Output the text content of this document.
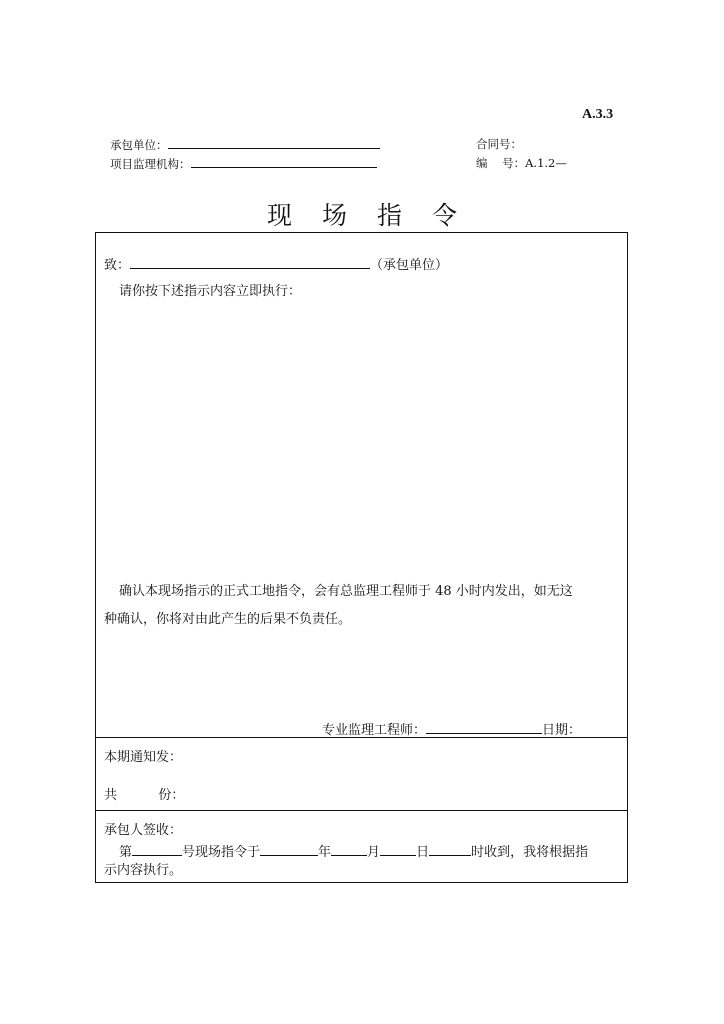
A.3.3
承包单位：
项目监理机构：
合同号：
编    号：A.1.2—
现场指令
致：	（承包单位）
请你按下述指示内容立即执行：
确认本现场指示的正式工地指令，会有总监理工程师于 48 小时内发出，如无这
种确认，你将对由此产生的后果不负责任。
专业监理工程师：	日期：
本期通知发：
共          份：
承包人签收：
第	号现场指令于	年	月	日	时收到，我将根据指
示内容执行。
